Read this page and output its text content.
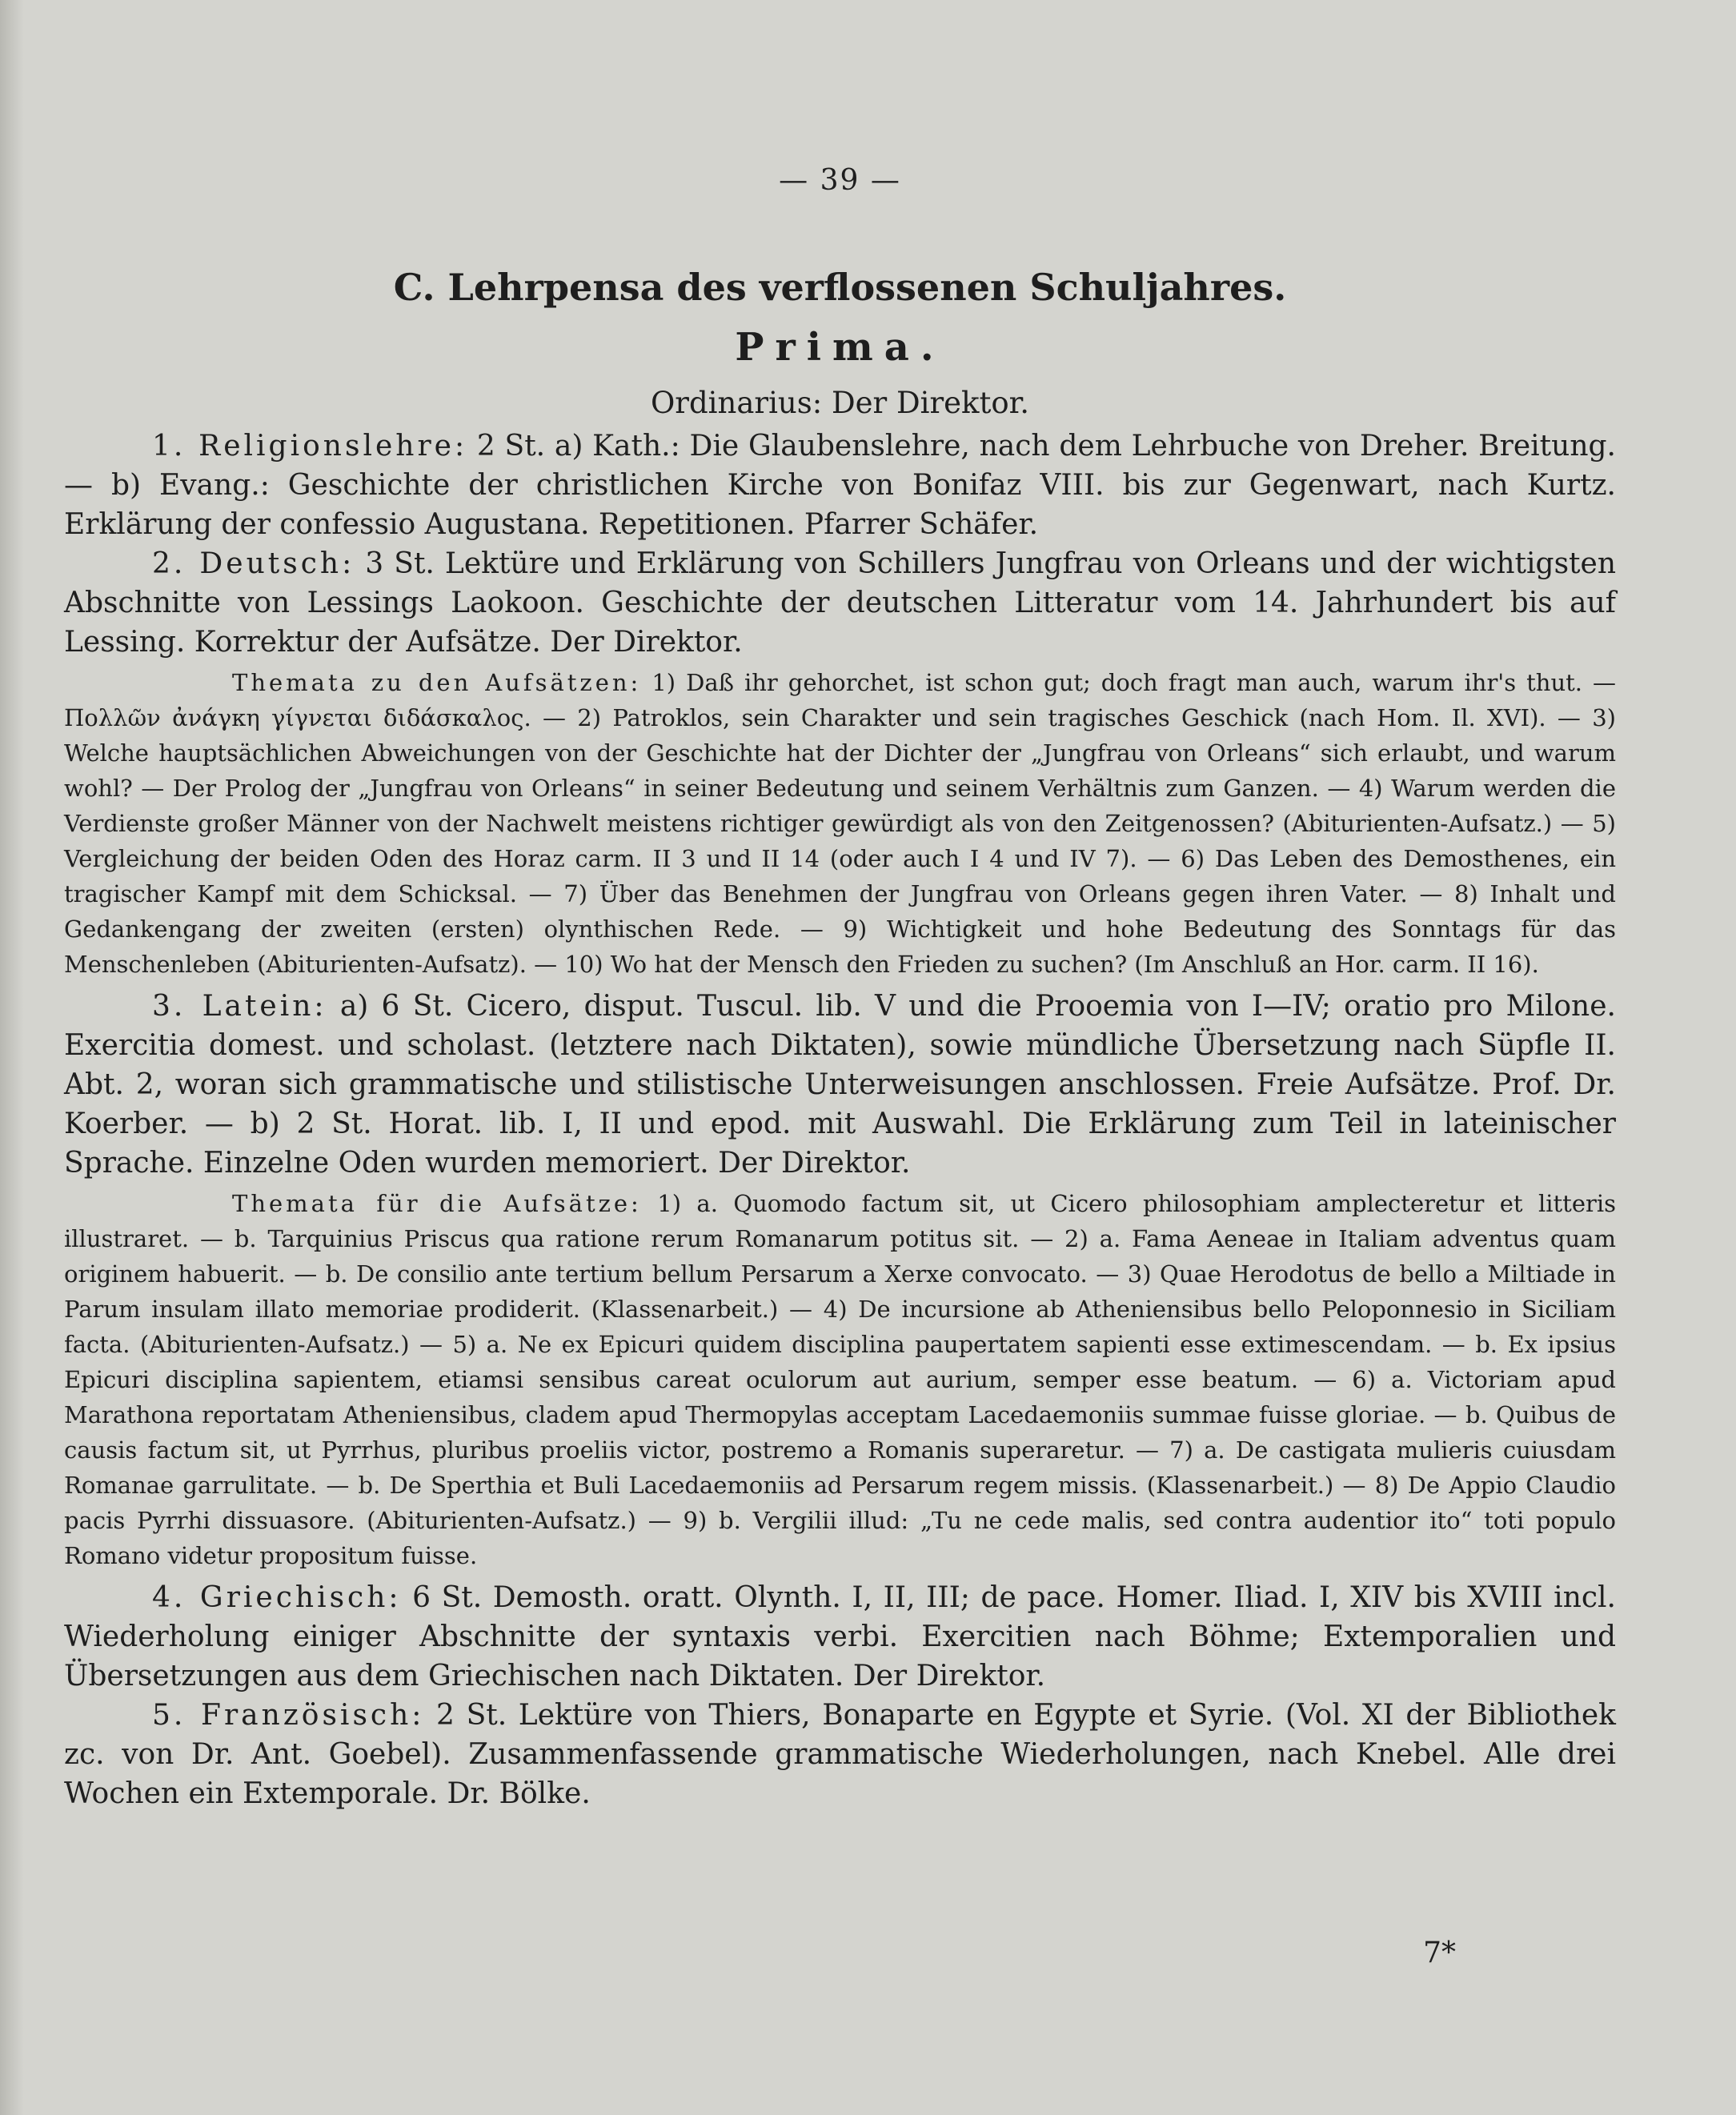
— 39 —
C. Lehrpensa des verflossenen Schuljahres.
Prima.
Ordinarius: Der Direktor.

1. Religionslehre: 2 St. a) Kath.: Die Glaubenslehre, nach dem Lehrbuche von Dreher. Breitung. — b) Evang.: Geschichte der christlichen Kirche von Bonifaz VIII. bis zur Gegenwart, nach Kurtz. Erklärung der confessio Augustana. Repetitionen. Pfarrer Schäfer.

2. Deutsch: 3 St. Lektüre und Erklärung von Schillers Jungfrau von Orleans und der wichtigsten Abschnitte von Lessings Laokoon. Geschichte der deutschen Litteratur vom 14. Jahrhundert bis auf Lessing. Korrektur der Aufsätze. Der Direktor.

Themata zu den Aufsätzen: 1) Daß ihr gehorchet, ist schon gut; doch fragt man auch, warum ihr's thut. — Πολλῶν ἀνάγκη γίγνεται διδάσκαλος. — 2) Patroklos, sein Charakter und sein tragisches Geschick (nach Hom. Il. XVI). — 3) Welche hauptsächlichen Abweichungen von der Geschichte hat der Dichter der „Jungfrau von Orleans“ sich erlaubt, und warum wohl? — Der Prolog der „Jungfrau von Orleans“ in seiner Bedeutung und seinem Verhältnis zum Ganzen. — 4) Warum werden die Verdienste großer Männer von der Nachwelt meistens richtiger gewürdigt als von den Zeitgenossen? (Abiturienten-Aufsatz.) — 5) Vergleichung der beiden Oden des Horaz carm. II 3 und II 14 (oder auch I 4 und IV 7). — 6) Das Leben des Demosthenes, ein tragischer Kampf mit dem Schicksal. — 7) Über das Benehmen der Jungfrau von Orleans gegen ihren Vater. — 8) Inhalt und Gedankengang der zweiten (ersten) olynthischen Rede. — 9) Wichtigkeit und hohe Bedeutung des Sonntags für das Menschenleben (Abiturienten-Aufsatz). — 10) Wo hat der Mensch den Frieden zu suchen? (Im Anschluß an Hor. carm. II 16).

3. Latein: a) 6 St. Cicero, disput. Tuscul. lib. V und die Prooemia von I—IV; oratio pro Milone. Exercitia domest. und scholast. (letztere nach Diktaten), sowie mündliche Übersetzung nach Süpfle II. Abt. 2, woran sich grammatische und stilistische Unterweisungen anschlossen. Freie Aufsätze. Prof. Dr. Koerber. — b) 2 St. Horat. lib. I, II und epod. mit Auswahl. Die Erklärung zum Teil in lateinischer Sprache. Einzelne Oden wurden memoriert. Der Direktor.

Themata für die Aufsätze: 1) a. Quomodo factum sit, ut Cicero philosophiam amplecteretur et litteris illustraret. — b. Tarquinius Priscus qua ratione rerum Romanarum potitus sit. — 2) a. Fama Aeneae in Italiam adventus quam originem habuerit. — b. De consilio ante tertium bellum Persarum a Xerxe convocato. — 3) Quae Herodotus de bello a Miltiade in Parum insulam illato memoriae prodiderit. (Klassenarbeit.) — 4) De incursione ab Atheniensibus bello Peloponnesio in Siciliam facta. (Abiturienten-Aufsatz.) — 5) a. Ne ex Epicuri quidem disciplina paupertatem sapienti esse extimescendam. — b. Ex ipsius Epicuri disciplina sapientem, etiamsi sensibus careat oculorum aut aurium, semper esse beatum. — 6) a. Victoriam apud Marathona reportatam Atheniensibus, cladem apud Thermopylas acceptam Lacedaemoniis summae fuisse gloriae. — b. Quibus de causis factum sit, ut Pyrrhus, pluribus proeliis victor, postremo a Romanis superaretur. — 7) a. De castigata mulieris cuiusdam Romanae garrulitate. — b. De Sperthia et Buli Lacedaemoniis ad Persarum regem missis. (Klassenarbeit.) — 8) De Appio Claudio pacis Pyrrhi dissuasore. (Abiturienten-Aufsatz.) — 9) b. Vergilii illud: „Tu ne cede malis, sed contra audentior ito“ toti populo Romano videtur propositum fuisse.

4. Griechisch: 6 St. Demosth. oratt. Olynth. I, II, III; de pace. Homer. Iliad. I, XIV bis XVIII incl. Wiederholung einiger Abschnitte der syntaxis verbi. Exercitien nach Böhme; Extemporalien und Übersetzungen aus dem Griechischen nach Diktaten. Der Direktor.

5. Französisch: 2 St. Lektüre von Thiers, Bonaparte en Egypte et Syrie. (Vol. XI der Bibliothek zc. von Dr. Ant. Goebel). Zusammenfassende grammatische Wiederholungen, nach Knebel. Alle drei Wochen ein Extemporale. Dr. Bölke.

7*
